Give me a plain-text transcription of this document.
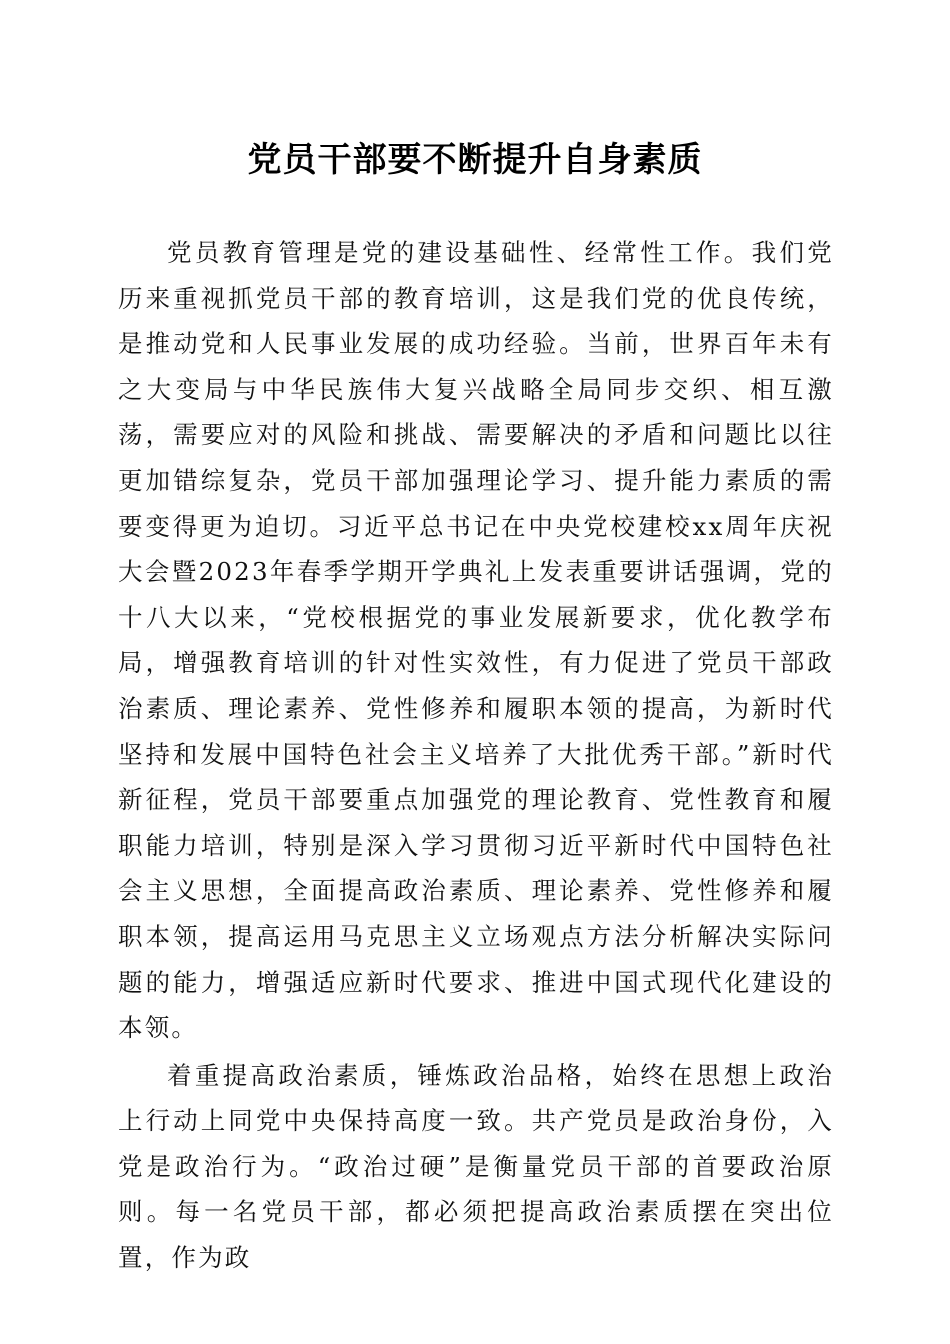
党员干部要不断提升自身素质

党员教育管理是党的建设基础性、经常性工作。我们党历来重视抓党员干部的教育培训，这是我们党的优良传统，是推动党和人民事业发展的成功经验。当前，世界百年未有之大变局与中华民族伟大复兴战略全局同步交织、相互激荡，需要应对的风险和挑战、需要解决的矛盾和问题比以往更加错综复杂，党员干部加强理论学习、提升能力素质的需要变得更为迫切。习近平总书记在中央党校建校xx周年庆祝大会暨2023年春季学期开学典礼上发表重要讲话强调，党的十八大以来，“党校根据党的事业发展新要求，优化教学布局，增强教育培训的针对性实效性，有力促进了党员干部政治素质、理论素养、党性修养和履职本领的提高，为新时代坚持和发展中国特色社会主义培养了大批优秀干部。”新时代新征程，党员干部要重点加强党的理论教育、党性教育和履职能力培训，特别是深入学习贯彻习近平新时代中国特色社会主义思想，全面提高政治素质、理论素养、党性修养和履职本领，提高运用马克思主义立场观点方法分析解决实际问题的能力，增强适应新时代要求、推进中国式现代化建设的本领。

着重提高政治素质，锤炼政治品格，始终在思想上政治上行动上同党中央保持高度一致。共产党员是政治身份，入党是政治行为。“政治过硬”是衡量党员干部的首要政治原则。每一名党员干部，都必须把提高政治素质摆在突出位置，作为政
